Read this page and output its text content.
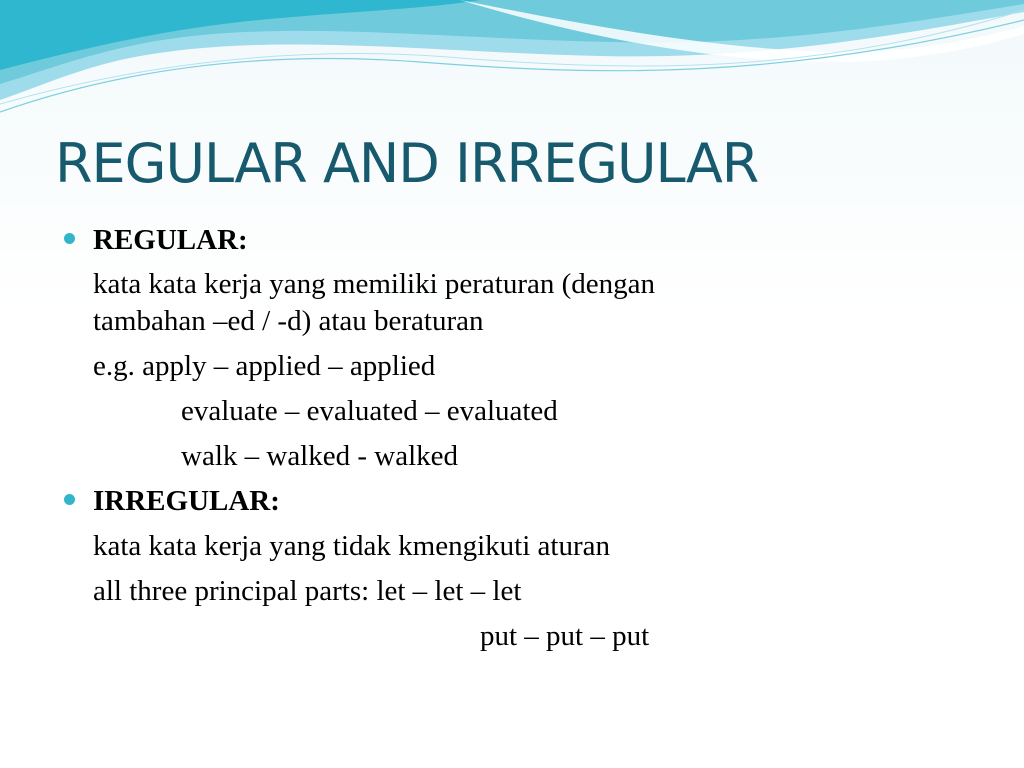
REGULAR AND IRREGULAR

REGULAR:

kata kata kerja yang memiliki peraturan (dengan

tambahan –ed / -d) atau beraturan

e.g. apply – applied – applied

evaluate – evaluated – evaluated

walk – walked - walked

IRREGULAR:

kata kata kerja yang tidak kmengikuti aturan

all three principal parts: let – let – let

put – put – put
